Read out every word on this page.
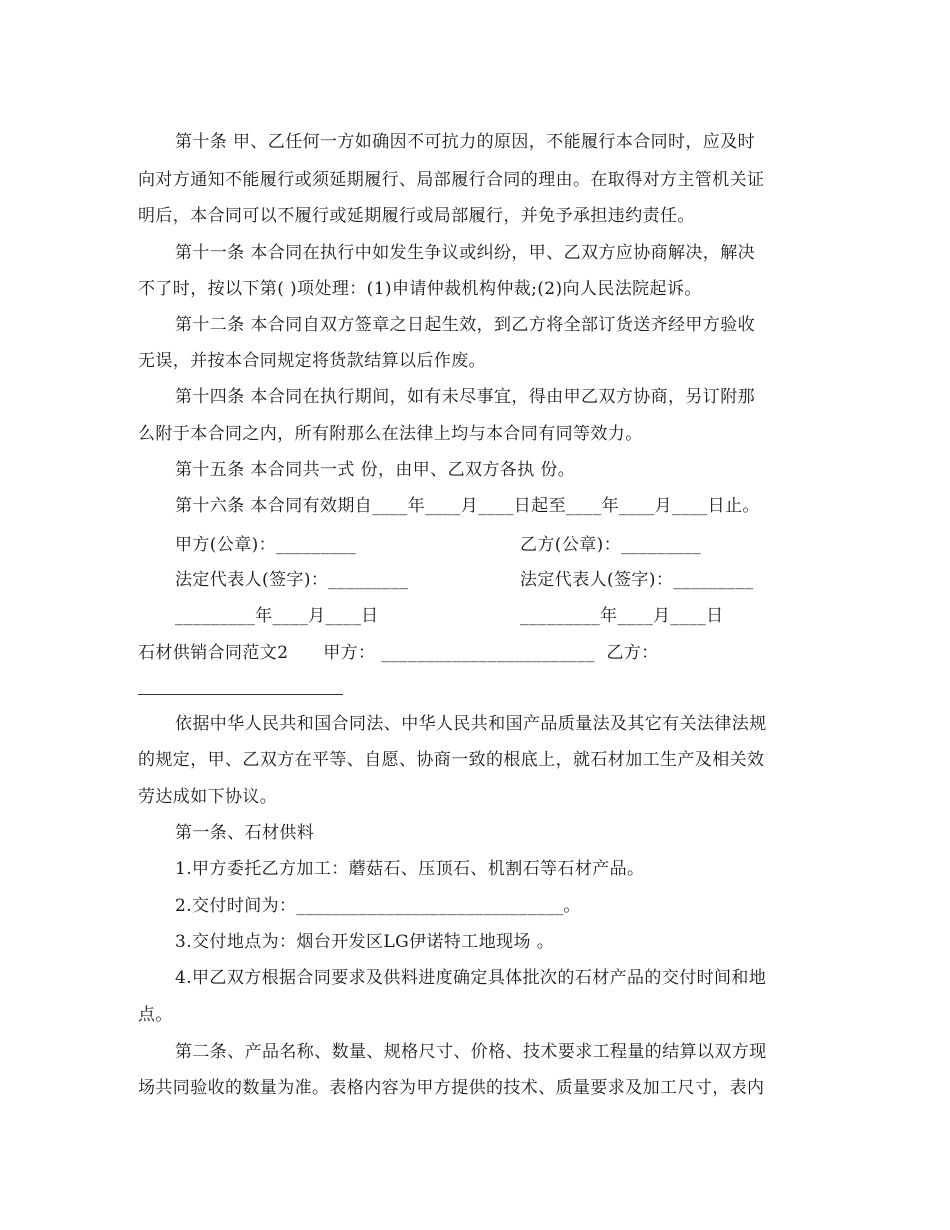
第十条 甲、乙任何一方如确因不可抗力的原因，不能履行本合同时，应及时
向对方通知不能履行或须延期履行、局部履行合同的理由。在取得对方主管机关证
明后，本合同可以不履行或延期履行或局部履行，并免予承担违约责任。
第十一条 本合同在执行中如发生争议或纠纷，甲、乙双方应协商解决，解决
不了时，按以下第( )项处理：(1)申请仲裁机构仲裁;(2)向人民法院起诉。
第十二条 本合同自双方签章之日起生效，到乙方将全部订货送齐经甲方验收
无误，并按本合同规定将货款结算以后作废。
第十四条 本合同在执行期间，如有未尽事宜，得由甲乙双方协商，另订附那
么附于本合同之内，所有附那么在法律上均与本合同有同等效力。
第十五条 本合同共一式 份，由甲、乙双方各执 份。
第十六条 本合同有效期自____年____月____日起至____年____月____日止。
甲方(公章)：_________	乙方(公章)：_________
法定代表人(签字)：_________	法定代表人(签字)：_________
_________年____月____日	_________年____月____日
石材供销合同范文2      甲方： ________________________  乙方：
依据中华人民共和国合同法、中华人民共和国产品质量法及其它有关法律法规
的规定，甲、乙双方在平等、自愿、协商一致的根底上，就石材加工生产及相关效
劳达成如下协议。
第一条、石材供料
1.甲方委托乙方加工：蘑菇石、压顶石、机割石等石材产品。
2.交付时间为：______________________________。
3.交付地点为：烟台开发区LG伊诺特工地现场 。
4.甲乙双方根据合同要求及供料进度确定具体批次的石材产品的交付时间和地
点。
第二条、产品名称、数量、规格尺寸、价格、技术要求工程量的结算以双方现
场共同验收的数量为准。表格内容为甲方提供的技术、质量要求及加工尺寸，表内
